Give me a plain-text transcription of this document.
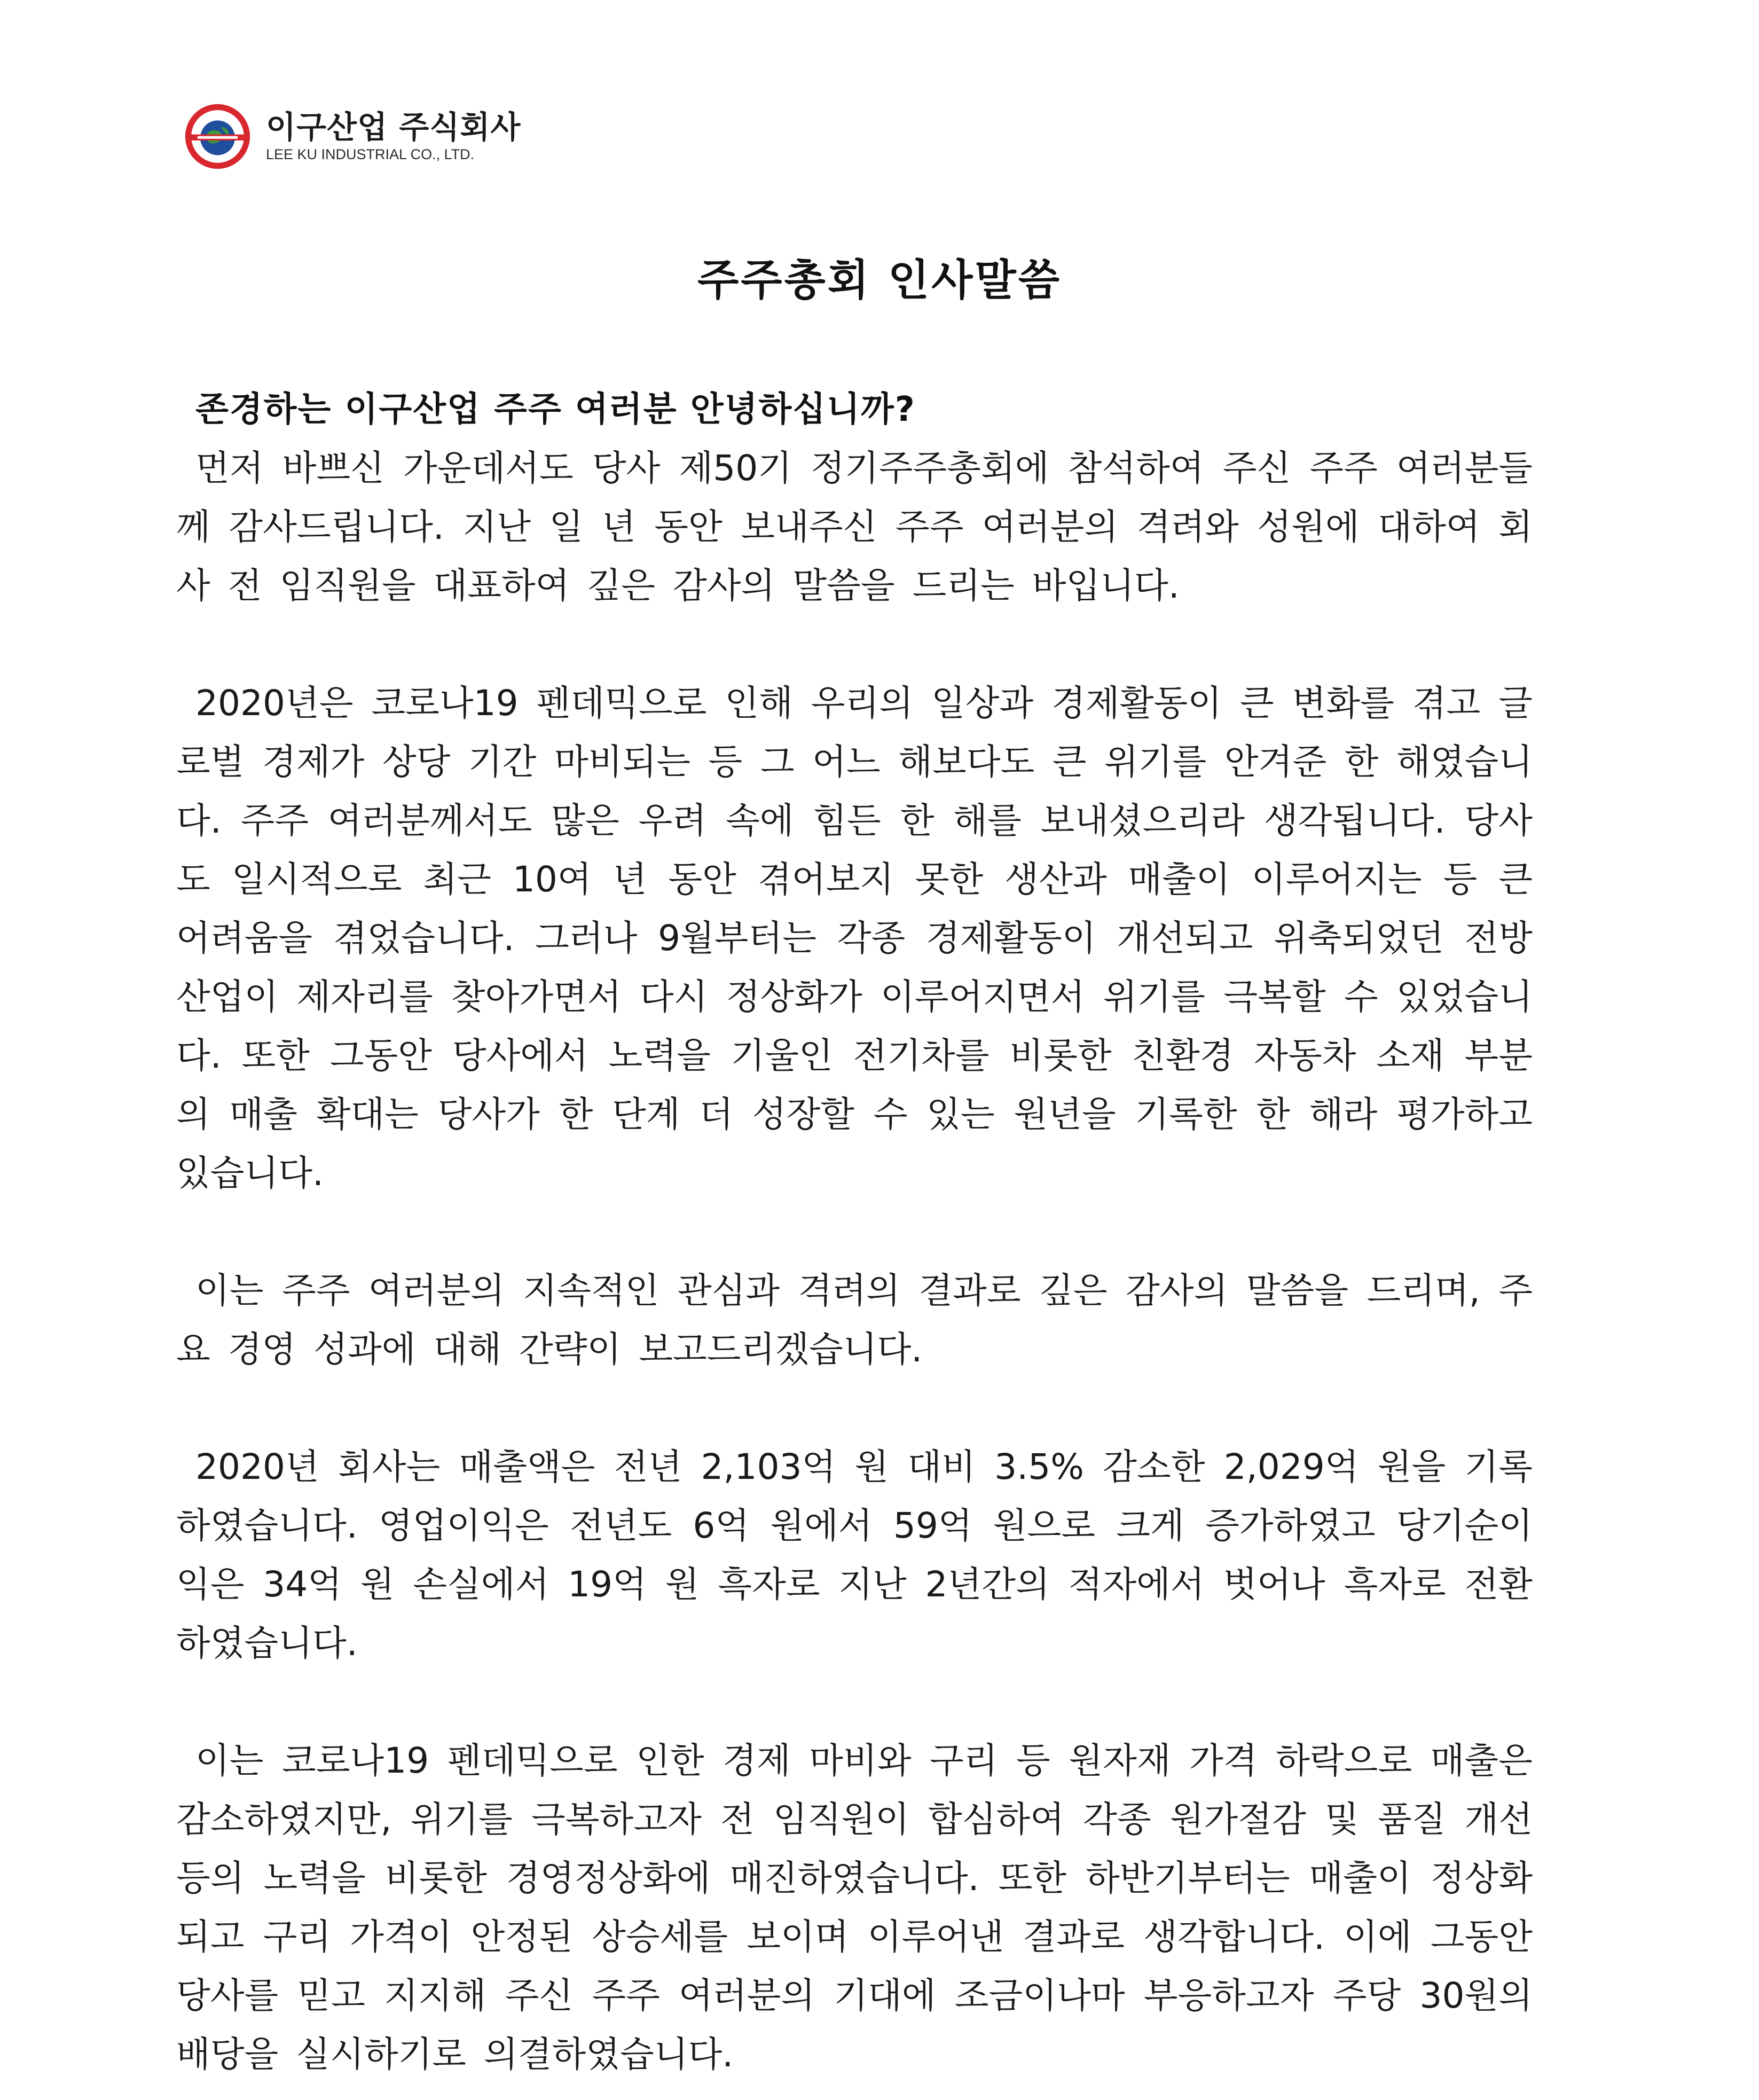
이구산업 주식회사
LEE KU INDUSTRIAL CO., LTD.
주주총회 인사말씀
존경하는 이구산업 주주 여러분 안녕하십니까?

먼저 바쁘신 가운데서도 당사 제50기 정기주주총회에 참석하여 주신 주주 여러분들께 감사드립니다. 지난 일 년 동안 보내주신 주주 여러분의 격려와 성원에 대하여 회사 전 임직원을 대표하여 깊은 감사의 말씀을 드리는 바입니다.

2020년은 코로나19 펜데믹으로 인해 우리의 일상과 경제활동이 큰 변화를 겪고 글로벌 경제가 상당 기간 마비되는 등 그 어느 해보다도 큰 위기를 안겨준 한 해였습니다. 주주 여러분께서도 많은 우려 속에 힘든 한 해를 보내셨으리라 생각됩니다. 당사도 일시적으로 최근 10여 년 동안 겪어보지 못한 생산과 매출이 이루어지는 등 큰 어려움을 겪었습니다. 그러나 9월부터는 각종 경제활동이 개선되고 위축되었던 전방 산업이 제자리를 찾아가면서 다시 정상화가 이루어지면서 위기를 극복할 수 있었습니다. 또한 그동안 당사에서 노력을 기울인 전기차를 비롯한 친환경 자동차 소재 부분의 매출 확대는 당사가 한 단계 더 성장할 수 있는 원년을 기록한 한 해라 평가하고 있습니다.

이는 주주 여러분의 지속적인 관심과 격려의 결과로 깊은 감사의 말씀을 드리며, 주요 경영 성과에 대해 간략이 보고드리겠습니다.

2020년 회사는 매출액은 전년 2,103억 원 대비 3.5% 감소한 2,029억 원을 기록하였습니다. 영업이익은 전년도 6억 원에서 59억 원으로 크게 증가하였고 당기순이익은 34억 원 손실에서 19억 원 흑자로 지난 2년간의 적자에서 벗어나 흑자로 전환하였습니다.

이는 코로나19 펜데믹으로 인한 경제 마비와 구리 등 원자재 가격 하락으로 매출은 감소하였지만, 위기를 극복하고자 전 임직원이 합심하여 각종 원가절감 및 품질 개선 등의 노력을 비롯한 경영정상화에 매진하였습니다. 또한 하반기부터는 매출이 정상화되고 구리 가격이 안정된 상승세를 보이며 이루어낸 결과로 생각합니다. 이에 그동안 당사를 믿고 지지해 주신 주주 여러분의 기대에 조금이나마 부응하고자 주당 30원의 배당을 실시하기로 의결하였습니다.
